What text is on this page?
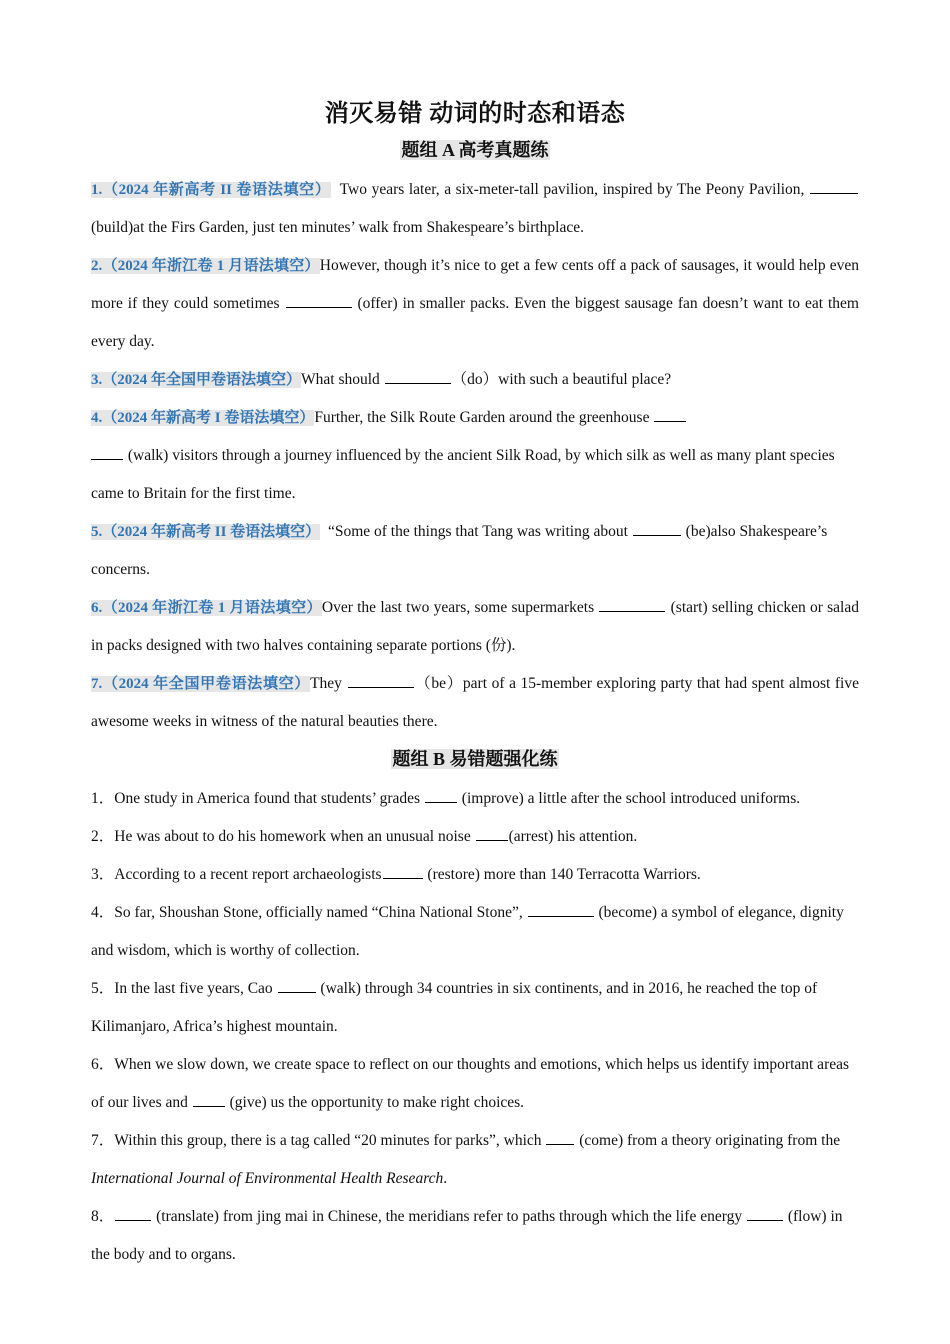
消灭易错 动词的时态和语态
题组 A 高考真题练

1.（2024 年新高考 II 卷语法填空） Two years later, a six-meter-tall pavilion, inspired by The Peony Pavilion,  (build)at the Firs Garden, just ten minutes’ walk from Shakespeare’s birthplace.

2.（2024 年浙江卷 1 月语法填空）However, though it’s nice to get a few cents off a pack of sausages, it would help even more if they could sometimes	(offer) in smaller packs. Even the biggest sausage fan doesn’t want to eat them every day.

3.（2024 年全国甲卷语法填空）What should	（do）with such a beautiful place?

4.（2024 年新高考 I 卷语法填空）Further, the Silk Route Garden around the greenhouse
(walk) visitors through a journey influenced by the ancient Silk Road, by which silk as well as many plant species came to Britain for the first time.

5.（2024 年新高考 II 卷语法填空） “Some of the things that Tang was writing about	(be)also Shakespeare’s concerns.

6.（2024 年浙江卷 1 月语法填空）Over the last two years, some supermarkets	(start) selling chicken or salad in packs designed with two halves containing separate portions (份).

7.（2024 年全国甲卷语法填空）They	（be）part of a 15-member exploring party that had spent almost five awesome weeks in witness of the natural beauties there.

题组 B 易错题强化练

1．One study in America found that students’ grades	(improve) a little after the school introduced uniforms.

2．He was about to do his homework when an unusual noise (arrest) his attention.

3．According to a recent report archaeologists	(restore) more than 140 Terracotta Warriors.

4．So far, Shoushan Stone, officially named “China National Stone”,	(become) a symbol of elegance, dignity and wisdom, which is worthy of collection.

5．In the last five years, Cao	(walk) through 34 countries in six continents, and in 2016, he reached the top of Kilimanjaro, Africa’s highest mountain.

6．When we slow down, we create space to reflect on our thoughts and emotions, which helps us identify important areas of our lives and	(give) us the opportunity to make right choices.

7．Within this group, there is a tag called “20 minutes for parks”, which (come) from a theory originating from the International Journal of Environmental Health Research.

8．	(translate) from jing mai in Chinese, the meridians refer to paths through which the life energy	(flow) in the body and to organs.
